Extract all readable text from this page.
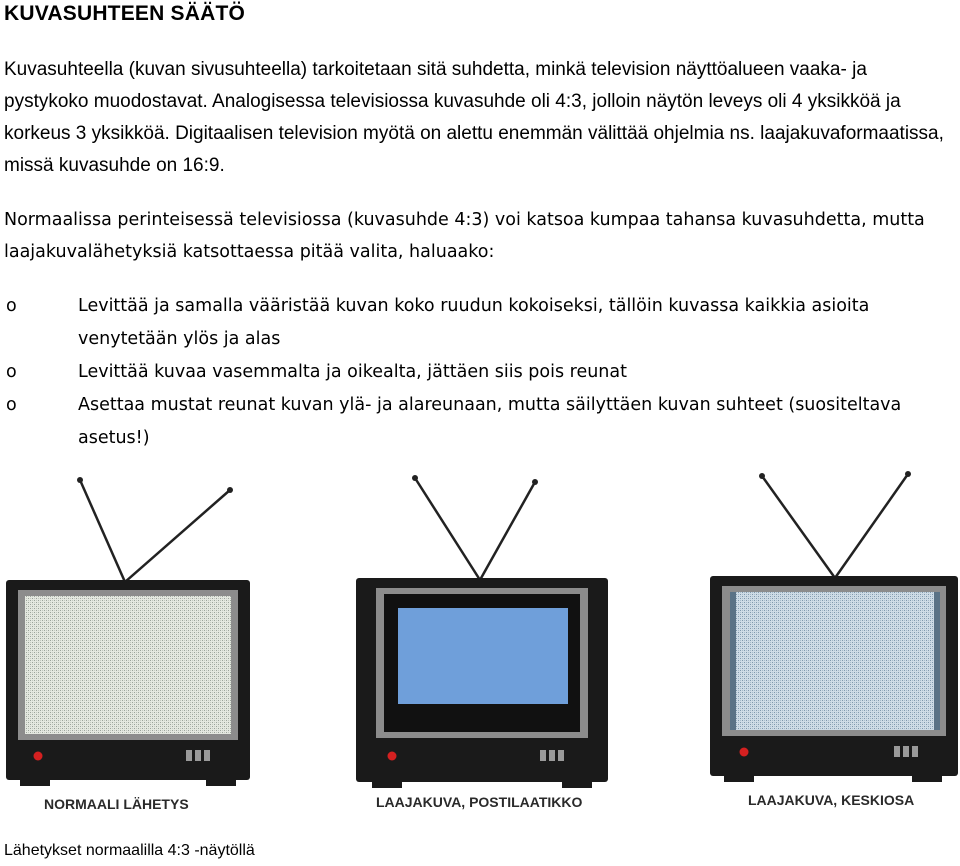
KUVASUHTEEN SÄÄTÖ

Kuvasuhteella (kuvan sivusuhteella) tarkoitetaan sitä suhdetta, minkä television näyttöalueen vaaka- ja pystykoko muodostavat. Analogisessa televisiossa kuvasuhde oli 4:3, jolloin näytön leveys oli 4 yksikköä ja korkeus 3 yksikköä. Digitaalisen television myötä on alettu enemmän välittää ohjelmia ns. laajakuvaformaatissa, missä kuvasuhde on 16:9.

Normaalissa perinteisessä televisiossa (kuvasuhde 4:3) voi katsoa kumpaa tahansa kuvasuhdetta, mutta laajakuvalähetyksiä katsottaessa pitää valita, haluaako:

o	Levittää ja samalla vääristää kuvan koko ruudun kokoiseksi, tällöin kuvassa kaikkia asioita venytetään ylös ja alas
o	Levittää kuvaa vasemmalta ja oikealta, jättäen siis pois reunat
o	Asettaa mustat reunat kuvan ylä- ja alareunaan, mutta säilyttäen kuvan suhteet (suositeltava asetus!)
NORMAALI LÄHETYS	LAAJAKUVA, POSTILAATIKKO	LAAJAKUVA, KESKIOSA

Lähetykset normaalilla 4:3 -näytöllä
